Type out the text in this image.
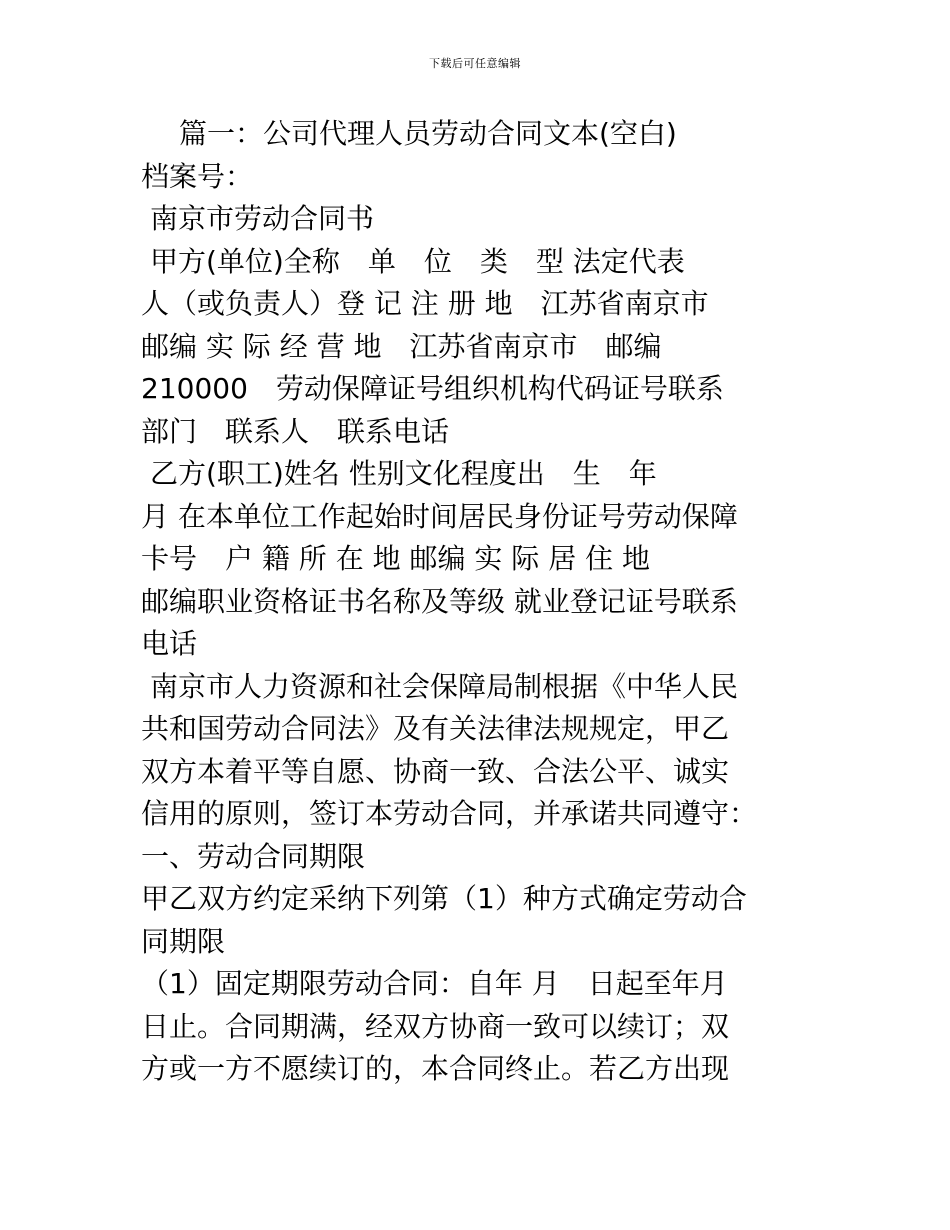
下载后可任意编辑
篇一：公司代理人员劳动合同文本(空白)
档案号：
南京市劳动合同书
甲方(单位)全称　单　位　类　型 法定代表
人（或负责人）登 记 注 册 地　江苏省南京市
邮编 实 际 经 营 地　江苏省南京市　邮编
210000　劳动保障证号组织机构代码证号联系
部门　联系人　联系电话
乙方(职工)姓名 性别文化程度出　生　年
月 在本单位工作起始时间居民身份证号劳动保障
卡号　户 籍 所 在 地 邮编 实 际 居 住 地
邮编职业资格证书名称及等级 就业登记证号联系
电话
南京市人力资源和社会保障局制根据《中华人民
共和国劳动合同法》及有关法律法规规定，甲乙
双方本着平等自愿、协商一致、合法公平、诚实
信用的原则，签订本劳动合同，并承诺共同遵守：
一、劳动合同期限
甲乙双方约定采纳下列第（1）种方式确定劳动合
同期限
（1）固定期限劳动合同：自年 月　日起至年月
日止。合同期满，经双方协商一致可以续订；双
方或一方不愿续订的，本合同终止。若乙方出现
